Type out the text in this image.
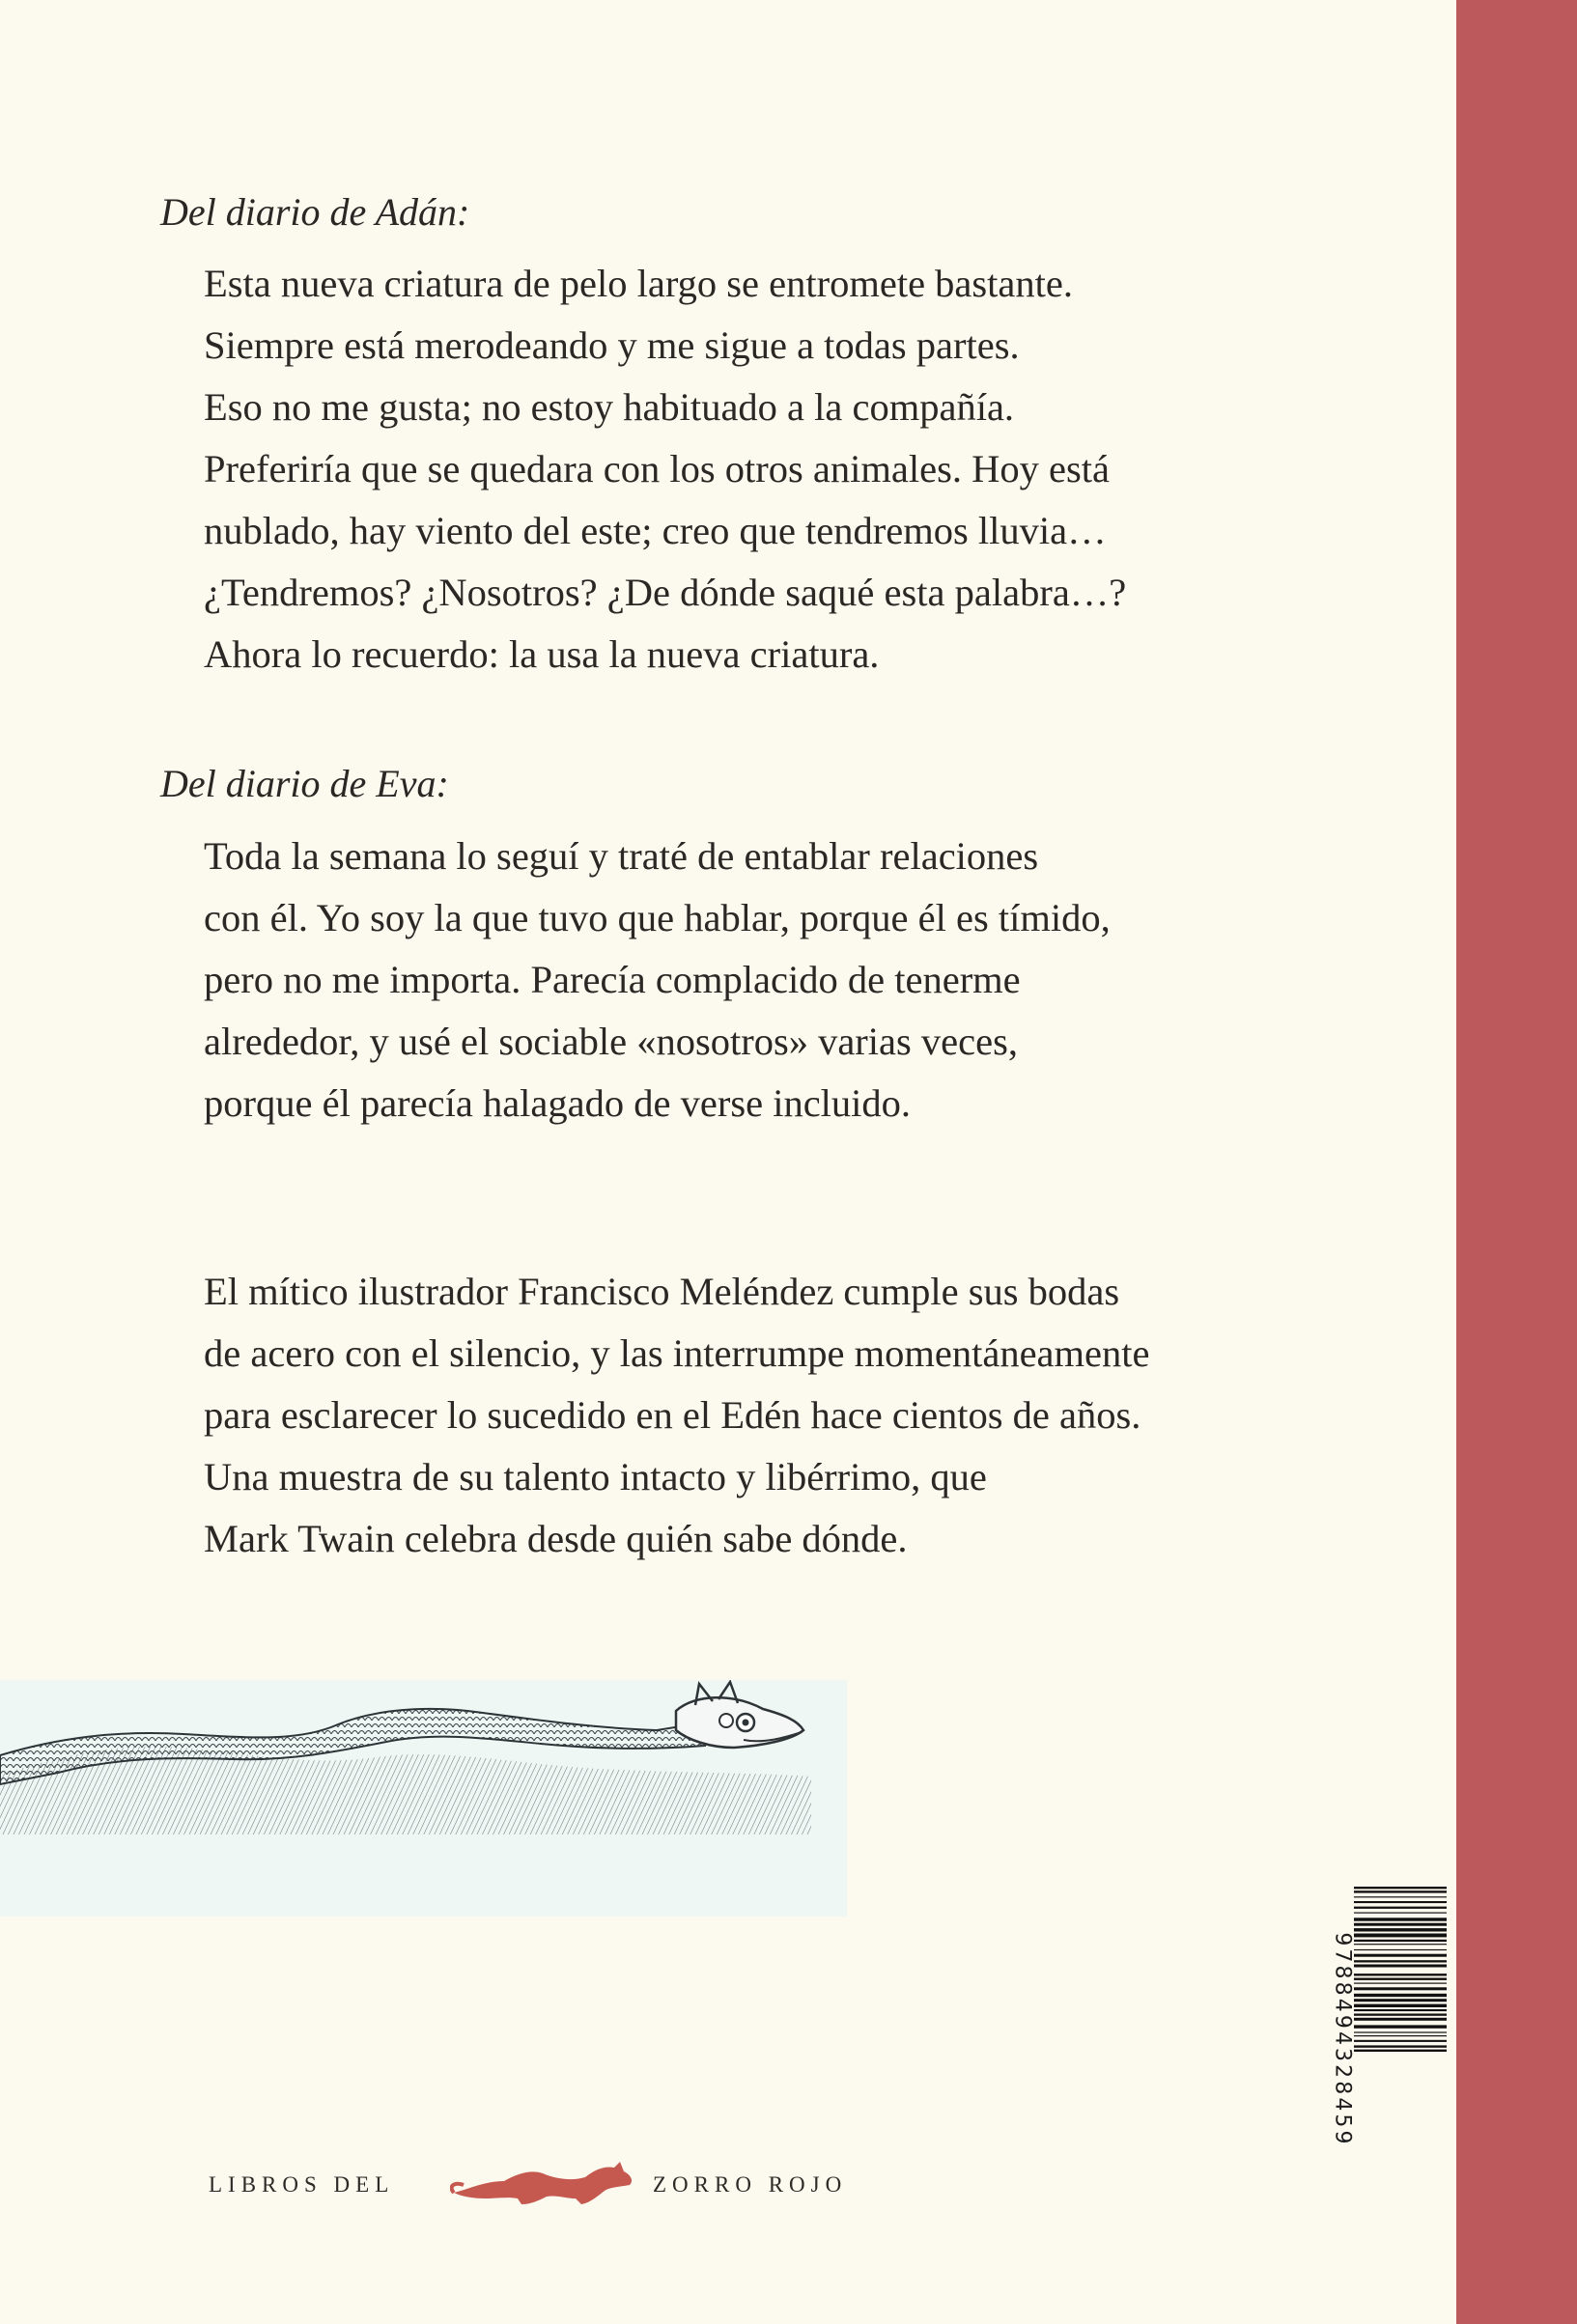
Del diario de Adán:

Esta nueva criatura de pelo largo se entromete bastante.
Siempre está merodeando y me sigue a todas partes.
Eso no me gusta; no estoy habituado a la compañía.
Preferiría que se quedara con los otros animales. Hoy está
nublado, hay viento del este; creo que tendremos lluvia…
¿Tendremos? ¿Nosotros? ¿De dónde saqué esta palabra…?
Ahora lo recuerdo: la usa la nueva criatura.

Del diario de Eva:

Toda la semana lo seguí y traté de entablar relaciones
con él. Yo soy la que tuvo que hablar, porque él es tímido,
pero no me importa. Parecía complacido de tenerme
alrededor, y usé el sociable «nosotros» varias veces,
porque él parecía halagado de verse incluido.

El mítico ilustrador Francisco Meléndez cumple sus bodas
de acero con el silencio, y las interrumpe momentáneamente
para esclarecer lo sucedido en el Edén hace cientos de años.
Una muestra de su talento intacto y libérrimo, que
Mark Twain celebra desde quién sabe dónde.

9788494328459
LIBROS DEL	ZORRO ROJO
